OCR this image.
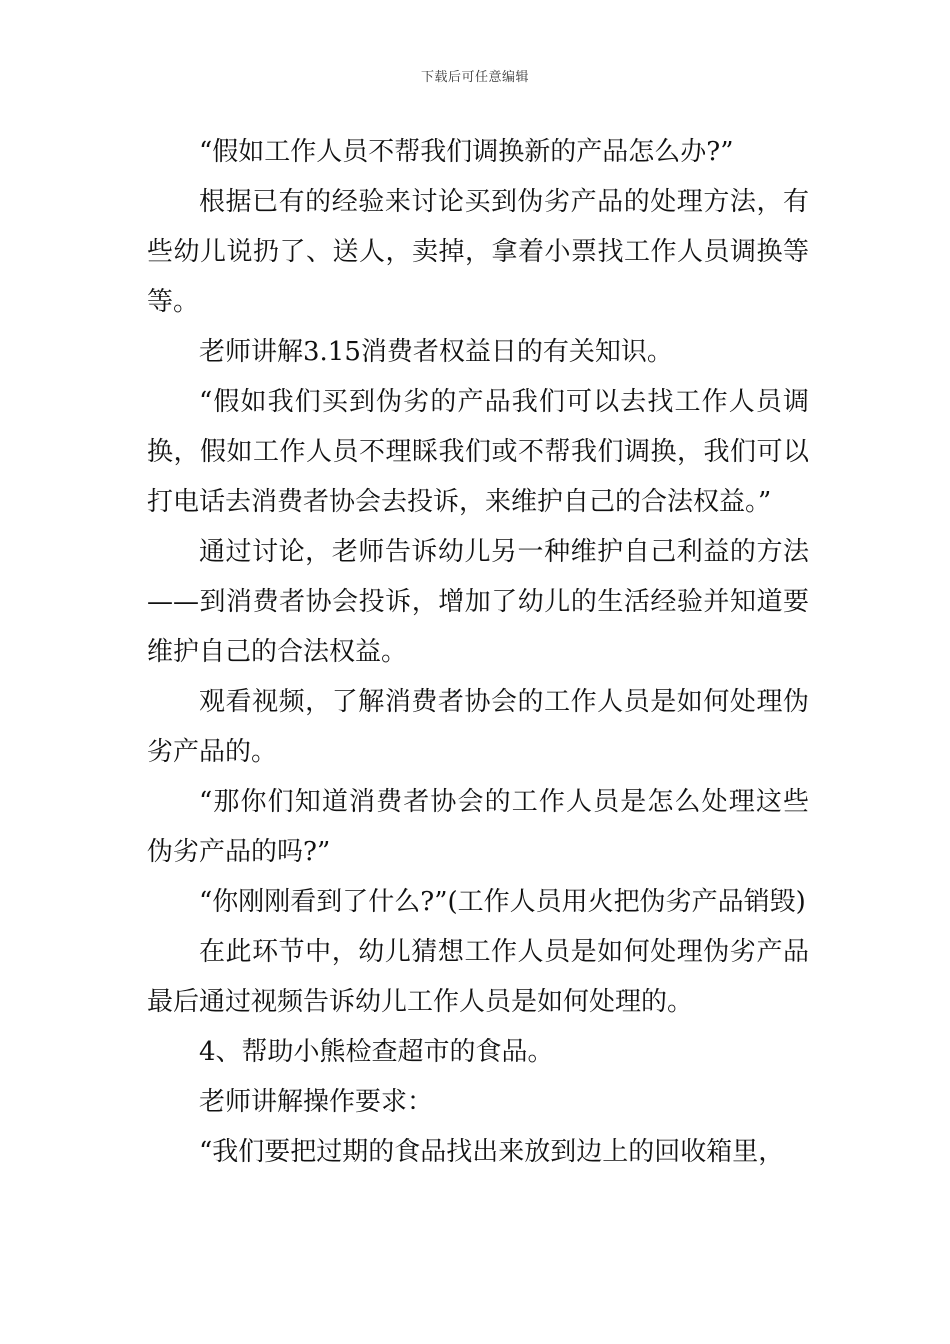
下载后可任意编辑

“假如工作人员不帮我们调换新的产品怎么办?”

根据已有的经验来讨论买到伪劣产品的处理方法，有些幼儿说扔了、送人，卖掉，拿着小票找工作人员调换等等。

老师讲解3.15消费者权益日的有关知识。

“假如我们买到伪劣的产品我们可以去找工作人员调换，假如工作人员不理睬我们或不帮我们调换，我们可以打电话去消费者协会去投诉，来维护自己的合法权益。”

通过讨论，老师告诉幼儿另一种维护自己利益的方法——到消费者协会投诉，增加了幼儿的生活经验并知道要维护自己的合法权益。

观看视频，了解消费者协会的工作人员是如何处理伪劣产品的。

“那你们知道消费者协会的工作人员是怎么处理这些伪劣产品的吗?”

“你刚刚看到了什么?”(工作人员用火把伪劣产品销毁)

在此环节中，幼儿猜想工作人员是如何处理伪劣产品最后通过视频告诉幼儿工作人员是如何处理的。

4、帮助小熊检查超市的食品。

老师讲解操作要求：

“我们要把过期的食品找出来放到边上的回收箱里，
